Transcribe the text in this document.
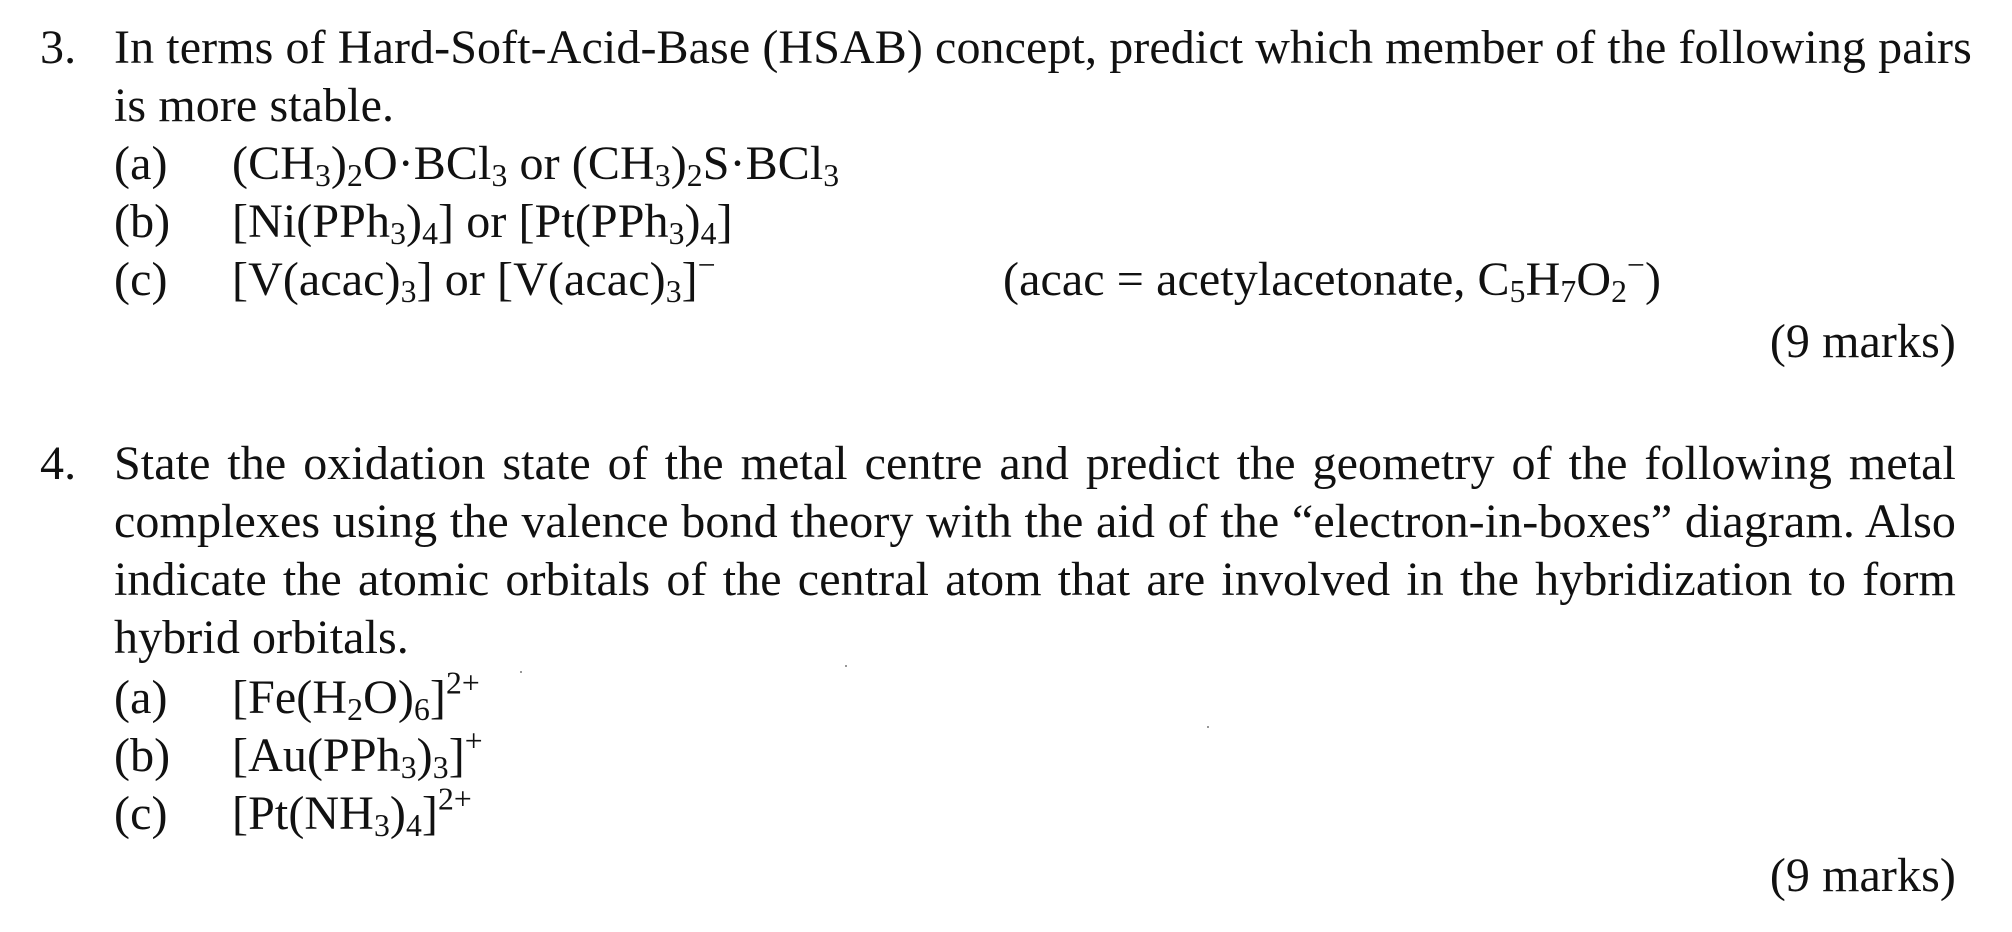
3. In terms of Hard-Soft-Acid-Base (HSAB) concept, predict which member of the following pairs
is more stable.
(a) $(CH_3)_2O\cdot BCl_3$ or $(CH_3)_2S\cdot BCl_3$
(b) $[Ni(PPh_3)_4]$ or $[Pt(PPh_3)_4]$
(c) $[V(acac)_3]$ or $[V(acac)_3]^-$	(acac = acetylacetonate, $C_5H_7O_2^-$)
(9 marks)
4. State the oxidation state of the metal centre and predict the geometry of the following metal
complexes using the valence bond theory with the aid of the “electron-in-boxes” diagram. Also
indicate the atomic orbitals of the central atom that are involved in the hybridization to form
hybrid orbitals.
(a) $[Fe(H_2O)_6]^{2+}$
(b) $[Au(PPh_3)_3]^+$
(c) $[Pt(NH_3)_4]^{2+}$
(9 marks)
